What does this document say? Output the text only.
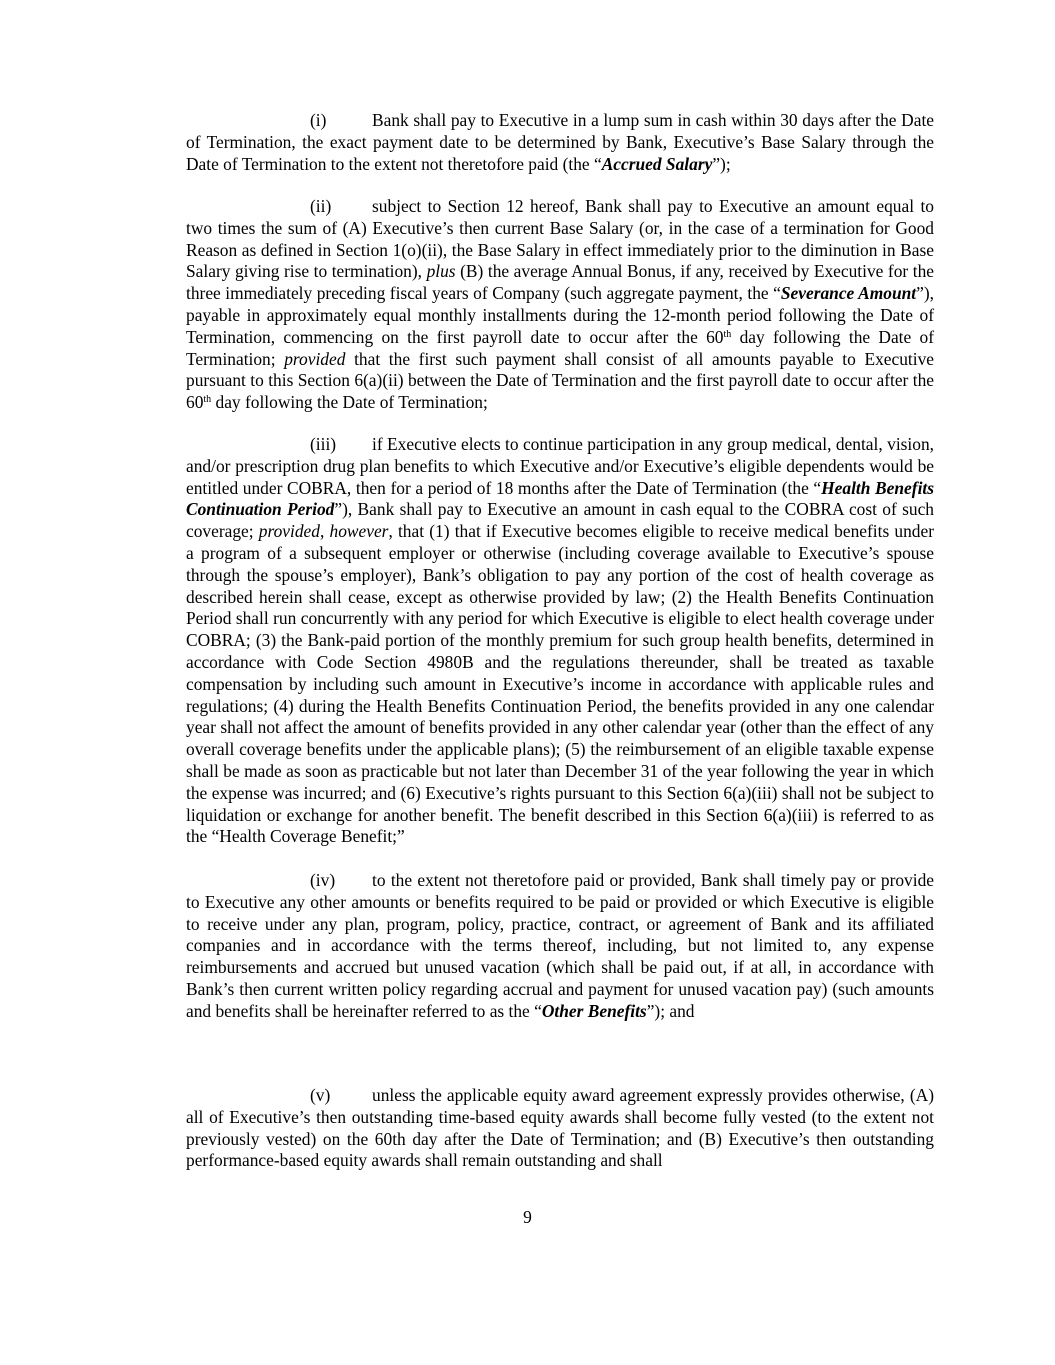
(i)	Bank shall pay to Executive in a lump sum in cash within 30 days after the Date of Termination, the exact payment date to be determined by Bank, Executive’s Base Salary through the Date of Termination to the extent not theretofore paid (the “Accrued Salary”);

(ii) subject to Section 12 hereof, Bank shall pay to Executive an amount equal to two times the sum of (A) Executive’s then current Base Salary (or, in the case of a termination for Good Reason as defined in Section 1(o)(ii), the Base Salary in effect immediately prior to the diminution in Base Salary giving rise to termination), plus (B) the average Annual Bonus, if any, received by Executive for the three immediately preceding fiscal years of Company (such aggregate payment, the “Severance Amount”), payable in approximately equal monthly installments during the 12-month period following the Date of Termination, commencing on the first payroll date to occur after the 60th day following the Date of Termination; provided that the first such payment shall consist of all amounts payable to Executive pursuant to this Section 6(a)(ii) between the Date of Termination and the first payroll date to occur after the 60th day following the Date of Termination;

(iii) if Executive elects to continue participation in any group medical, dental, vision, and/or prescription drug plan benefits to which Executive and/or Executive’s eligible dependents would be entitled under COBRA, then for a period of 18 months after the Date of Termination (the “Health Benefits Continuation Period”), Bank shall pay to Executive an amount in cash equal to the COBRA cost of such coverage; provided, however, that (1) that if Executive becomes eligible to receive medical benefits under a program of a subsequent employer or otherwise (including coverage available to Executive’s spouse through the spouse’s employer), Bank’s obligation to pay any portion of the cost of health coverage as described herein shall cease, except as otherwise provided by law; (2) the Health Benefits Continuation Period shall run concurrently with any period for which Executive is eligible to elect health coverage under COBRA; (3) the Bank-paid portion of the monthly premium for such group health benefits, determined in accordance with Code Section 4980B and the regulations thereunder, shall be treated as taxable compensation by including such amount in Executive’s income in accordance with applicable rules and regulations; (4) during the Health Benefits Continuation Period, the benefits provided in any one calendar year shall not affect the amount of benefits provided in any other calendar year (other than the effect of any overall coverage benefits under the applicable plans); (5) the reimbursement of an eligible taxable expense shall be made as soon as practicable but not later than December 31 of the year following the year in which the expense was incurred; and (6) Executive’s rights pursuant to this Section 6(a)(iii) shall not be subject to liquidation or exchange for another benefit. The benefit described in this Section 6(a)(iii) is referred to as the “Health Coverage Benefit;”

(iv) to the extent not theretofore paid or provided, Bank shall timely pay or provide to Executive any other amounts or benefits required to be paid or provided or which Executive is eligible to receive under any plan, program, policy, practice, contract, or agreement of Bank and its affiliated companies and in accordance with the terms thereof, including, but not limited to, any expense reimbursements and accrued but unused vacation (which shall be paid out, if at all, in accordance with Bank’s then current written policy regarding accrual and payment for unused vacation pay) (such amounts and benefits shall be hereinafter referred to as the “Other Benefits”); and

(v) unless the applicable equity award agreement expressly provides otherwise, (A) all of Executive’s then outstanding time-based equity awards shall become fully vested (to the extent not previously vested) on the 60th day after the Date of Termination; and (B) Executive’s then outstanding performance-based equity awards shall remain outstanding and shall

9
